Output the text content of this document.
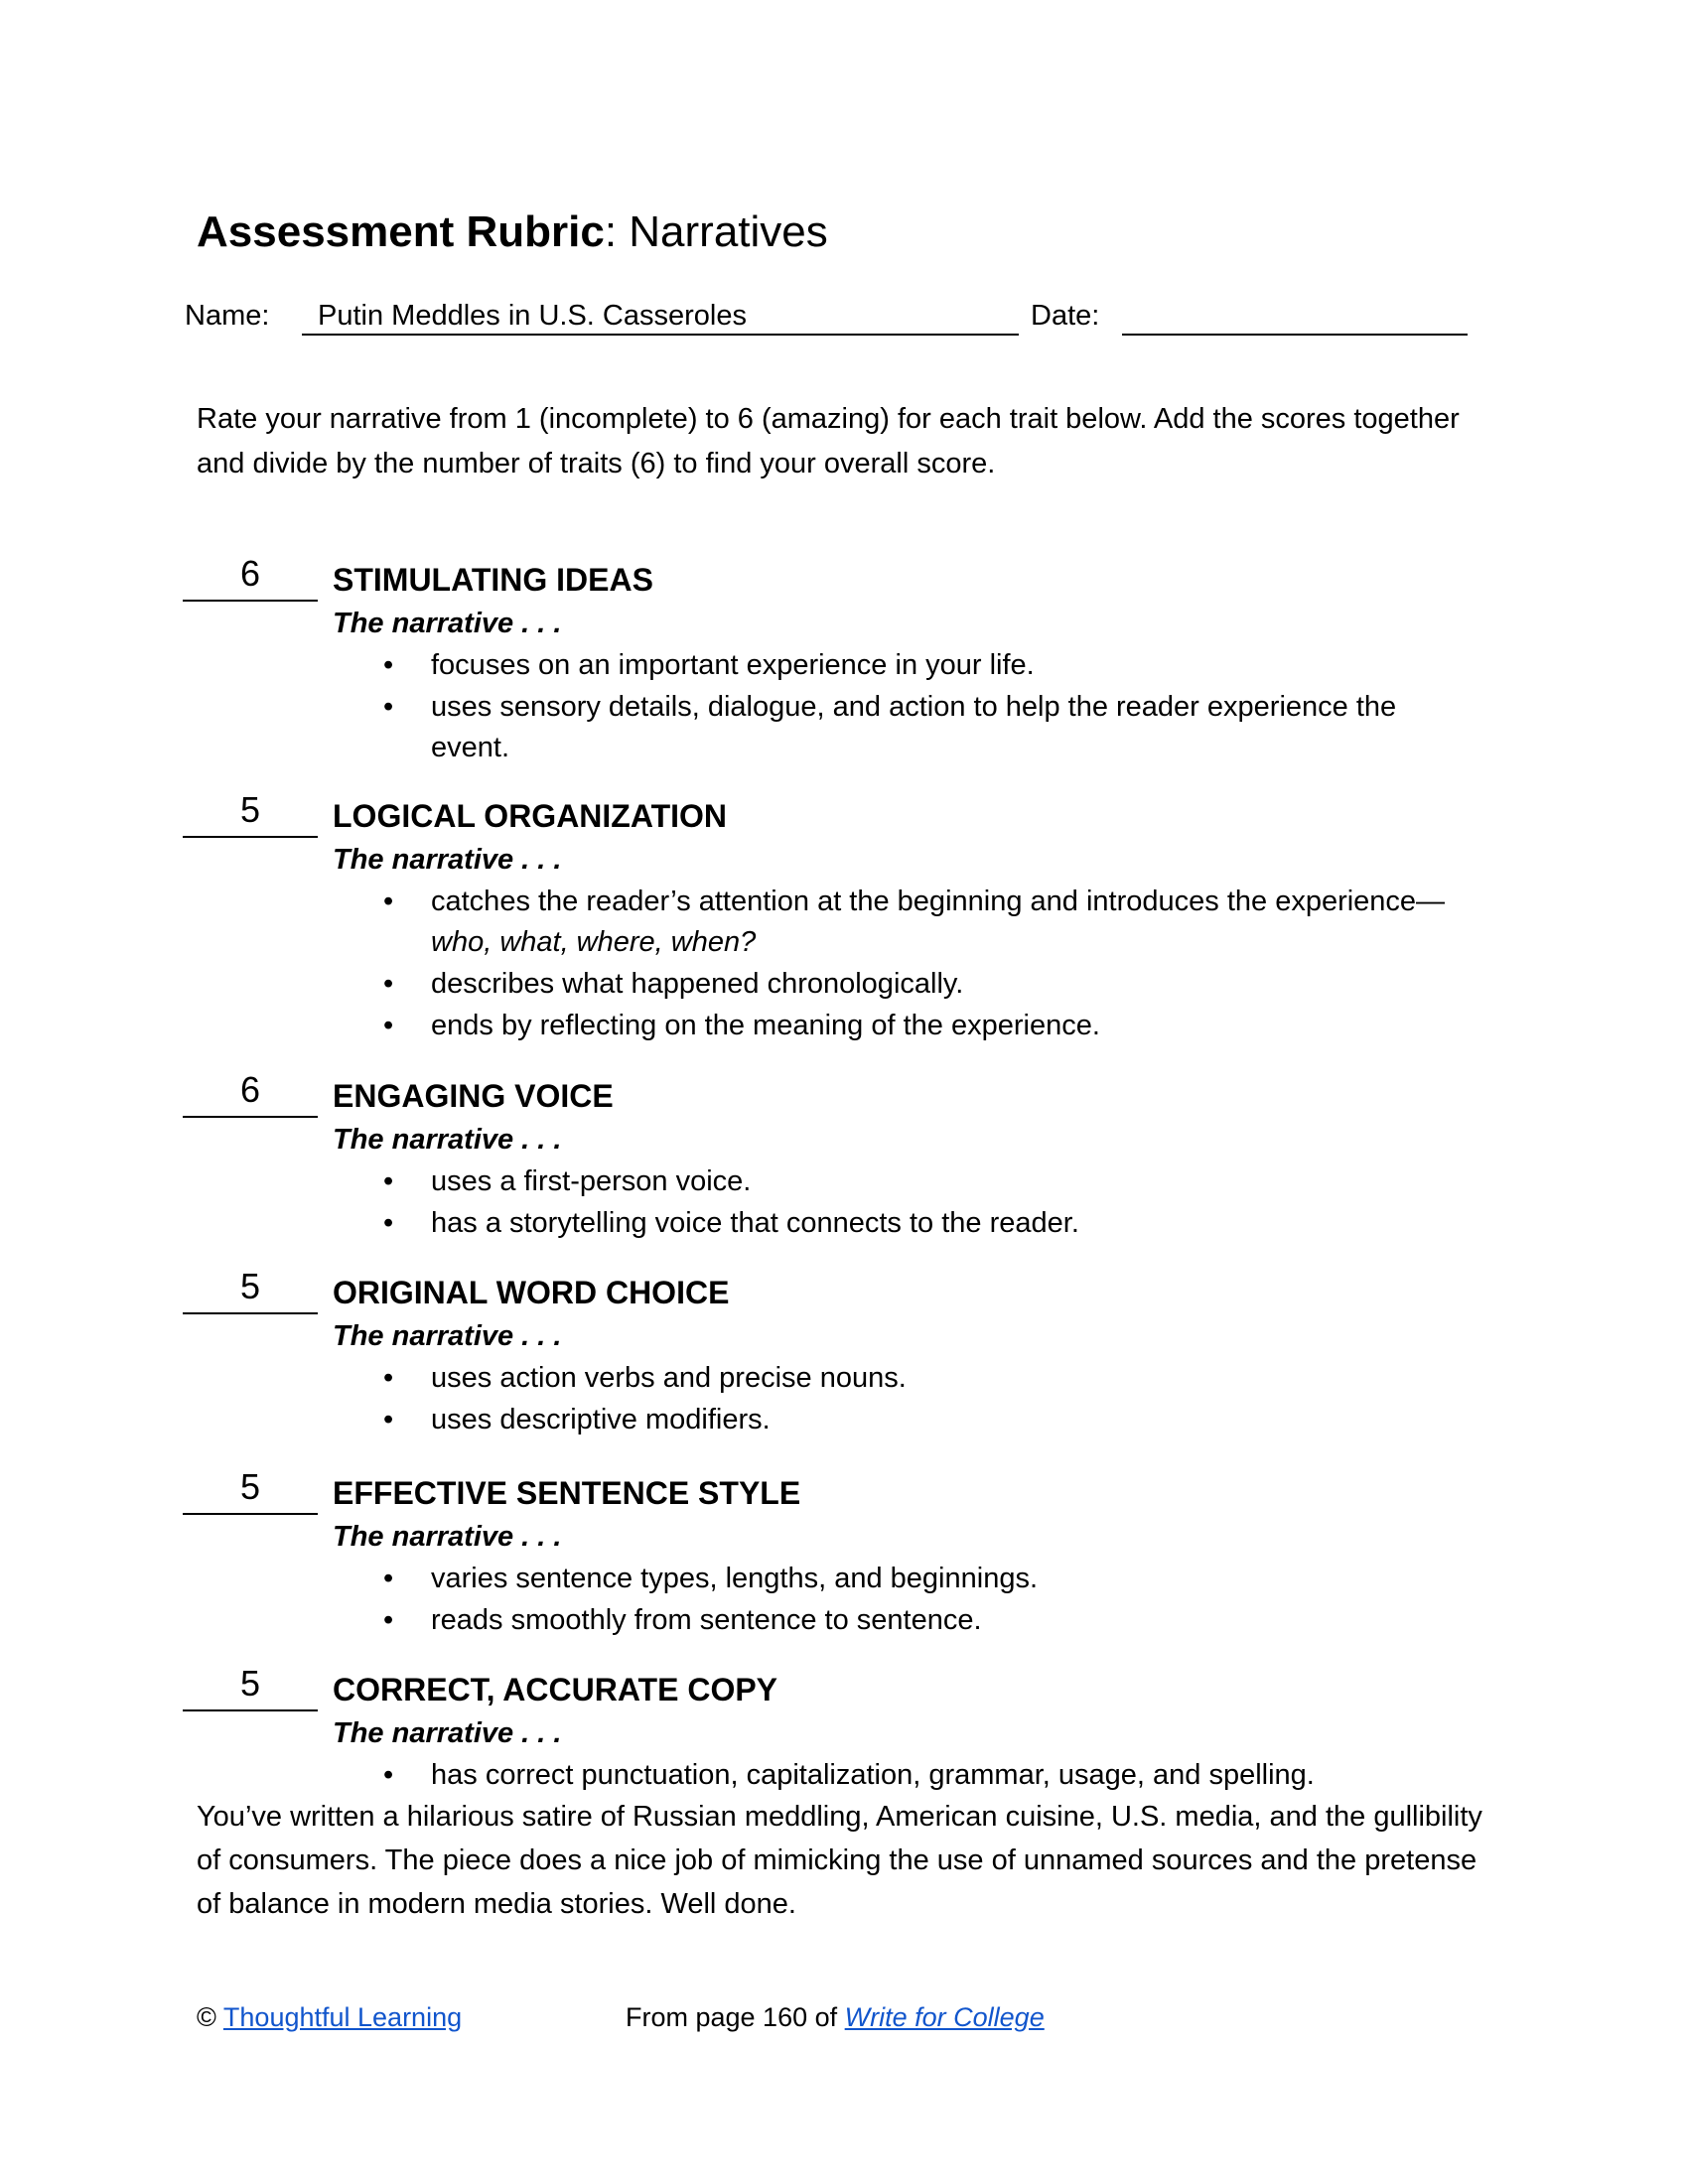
Assessment Rubric: Narratives
Name:	Putin Meddles in U.S. Casseroles	Date:
Rate your narrative from 1 (incomplete) to 6 (amazing) for each trait below. Add the scores together and divide by the number of traits (6) to find your overall score.
6	STIMULATING IDEAS
The narrative . . .
• focuses on an important experience in your life.
• uses sensory details, dialogue, and action to help the reader experience the event.
5	LOGICAL ORGANIZATION
The narrative . . .
• catches the reader’s attention at the beginning and introduces the experience—who, what, where, when?
• describes what happened chronologically.
• ends by reflecting on the meaning of the experience.
6	ENGAGING VOICE
The narrative . . .
• uses a first-person voice.
• has a storytelling voice that connects to the reader.
5	ORIGINAL WORD CHOICE
The narrative . . .
• uses action verbs and precise nouns.
• uses descriptive modifiers.
5	EFFECTIVE SENTENCE STYLE
The narrative . . .
• varies sentence types, lengths, and beginnings.
• reads smoothly from sentence to sentence.
5	CORRECT, ACCURATE COPY
The narrative . . .
• has correct punctuation, capitalization, grammar, usage, and spelling.
You’ve written a hilarious satire of Russian meddling, American cuisine, U.S. media, and the gullibility of consumers. The piece does a nice job of mimicking the use of unnamed sources and the pretense of balance in modern media stories. Well done.
© Thoughtful Learning	From page 160 of Write for College
